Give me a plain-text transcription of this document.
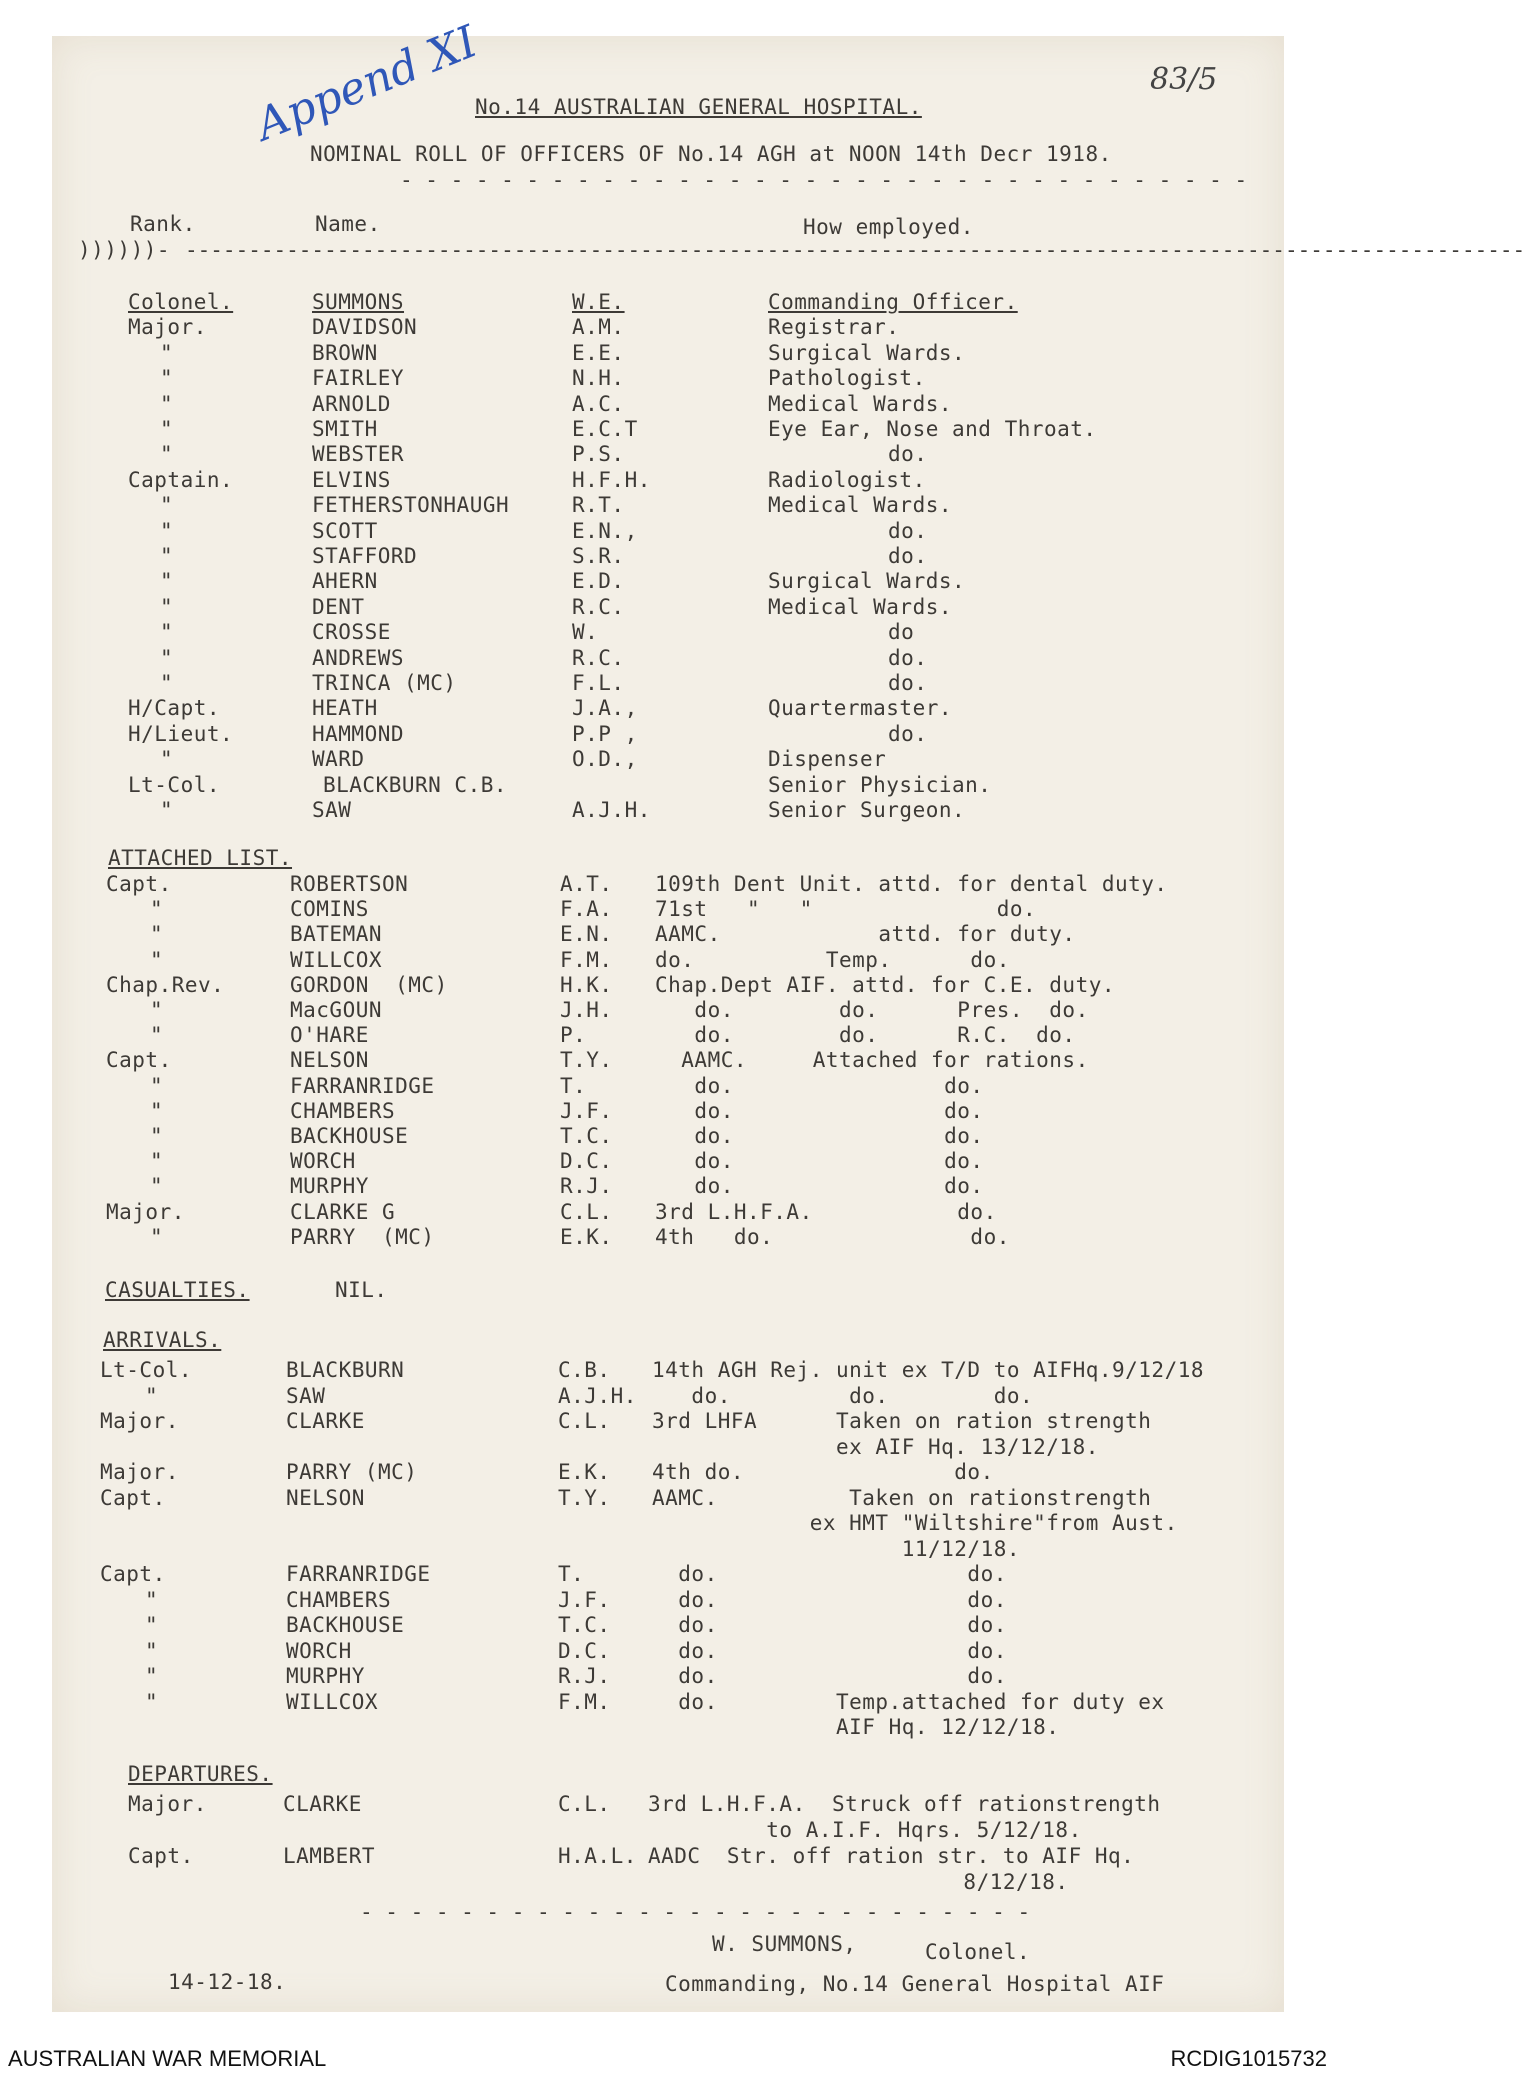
Append XI	83/5
No.14 AUSTRALIAN GENERAL HOSPITAL.
NOMINAL ROLL OF OFFICERS OF No.14 AGH at NOON 14th Decr 1918.
- - - - - - - - - - - - - - - - - - - - - - - - - - - - - - - - - -
Rank.	Name.	How employed.
))))))- ----------------------------------------------------------------------------------------------------------
Colonel.	SUMMONS	W.E.	Commanding Officer.
Major.	DAVIDSON	A.M.	Registrar.
"	BROWN	E.E.	Surgical Wards.
"	FAIRLEY	N.H.	Pathologist.
"	ARNOLD	A.C.	Medical Wards.
"	SMITH	E.C.T	Eye Ear, Nose and Throat.
"	WEBSTER	P.S.	do.
Captain.	ELVINS	H.F.H.	Radiologist.
"	FETHERSTONHAUGH	R.T.	Medical Wards.
"	SCOTT	E.N.,	do.
"	STAFFORD	S.R.	do.
"	AHERN	E.D.	Surgical Wards.
"	DENT	R.C.	Medical Wards.
"	CROSSE	W.	do
"	ANDREWS	R.C.	do.
"	TRINCA (MC)	F.L.	do.
H/Capt.	HEATH	J.A.,	Quartermaster.
H/Lieut.	HAMMOND	P.P ,	do.
"	WARD	O.D.,	Dispenser
Lt-Col.	BLACKBURN C.B.	Senior Physician.
"	SAW	A.J.H.	Senior Surgeon.
ATTACHED LIST.
Capt.	ROBERTSON	A.T. 109th Dent Unit. attd. for dental duty.
"	COMINS	F.A. 71st   "   "              do.
"	BATEMAN	E.N. AAMC.            attd. for duty.
"	WILLCOX	F.M. do.          Temp.      do.
Chap.Rev.	GORDON  (MC)	H.K. Chap.Dept AIF. attd. for C.E. duty.
"	MacGOUN	J.H. do.        do.      Pres.  do.
"	O'HARE	P.	do.        do.      R.C.  do.
Capt.	NELSON	T.Y. AAMC.     Attached for rations.
"	FARRANRIDGE	T.	do.                do.
"	CHAMBERS	J.F. do.                do.
"	BACKHOUSE	T.C. do.                do.
"	WORCH	D.C. do.                do.
"	MURPHY	R.J. do.                do.
Major.	CLARKE G	C.L. 3rd L.H.F.A.           do.
"	PARRY  (MC)	E.K. 4th   do.               do.
CASUALTIES.	NIL.
ARRIVALS.
Lt-Col.	BLACKBURN	C.B. 14th AGH Rej. unit ex T/D to AIFHq.9/12/18
"	SAW	A.J.H. do.         do.        do.
Major.	CLARKE	C.L. 3rd LHFA      Taken on ration strength
ex AIF Hq. 13/12/18.
Major.	PARRY (MC)	E.K. 4th do.                do.
Capt.	NELSON	T.Y. AAMC.          Taken on rationstrength
ex HMT "Wiltshire"from Aust.
11/12/18.
Capt.	FARRANRIDGE	T.	do.                   do.
"	CHAMBERS	J.F. do.                   do.
"	BACKHOUSE	T.C. do.                   do.
"	WORCH	D.C. do.                   do.
"	MURPHY	R.J. do.                   do.
"	WILLCOX	F.M. do.         Temp.attached for duty ex
AIF Hq. 12/12/18.
DEPARTURES.
Major.	CLARKE	C.L. 3rd L.H.F.A.  Struck off rationstrength
to A.I.F. Hqrs. 5/12/18.
Capt.	LAMBERT	H.A.L. AADC  Str. off ration str. to AIF Hq.
8/12/18.
- - - - - - - - - - - - - - - - - - - - - - - - - - -
W. SUMMONS,	Colonel.
Commanding, No.14 General Hospital AIF
14-12-18.
AUSTRALIAN WAR MEMORIAL	RCDIG1015732
